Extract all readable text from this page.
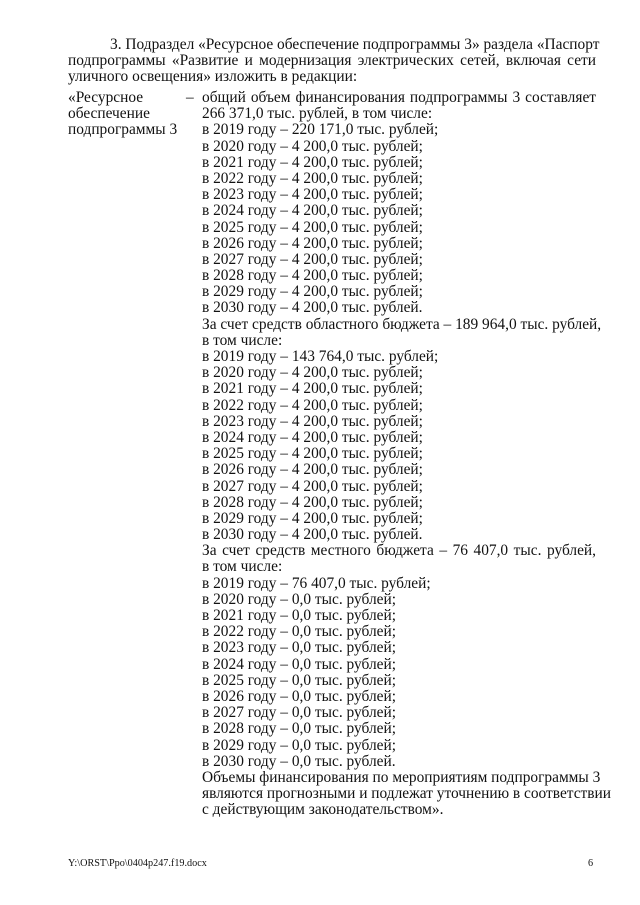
3. Подраздел «Ресурсное обеспечение подпрограммы 3» раздела «Паспорт
подпрограммы «Развитие и модернизация электрических сетей, включая сети
уличного освещения» изложить в редакции:
«Ресурсное
обеспечение
подпрограммы 3
– общий объем финансирования подпрограммы 3 составляет
266 371,0 тыс. рублей, в том числе:
в 2019 году – 220 171,0 тыс. рублей;
в 2020 году – 4 200,0 тыс. рублей;
в 2021 году – 4 200,0 тыс. рублей;
в 2022 году – 4 200,0 тыс. рублей;
в 2023 году – 4 200,0 тыс. рублей;
в 2024 году – 4 200,0 тыс. рублей;
в 2025 году – 4 200,0 тыс. рублей;
в 2026 году – 4 200,0 тыс. рублей;
в 2027 году – 4 200,0 тыс. рублей;
в 2028 году – 4 200,0 тыс. рублей;
в 2029 году – 4 200,0 тыс. рублей;
в 2030 году – 4 200,0 тыс. рублей.
За счет средств областного бюджета – 189 964,0 тыс. рублей,
в том числе:
в 2019 году – 143 764,0 тыс. рублей;
в 2020 году – 4 200,0 тыс. рублей;
в 2021 году – 4 200,0 тыс. рублей;
в 2022 году – 4 200,0 тыс. рублей;
в 2023 году – 4 200,0 тыс. рублей;
в 2024 году – 4 200,0 тыс. рублей;
в 2025 году – 4 200,0 тыс. рублей;
в 2026 году – 4 200,0 тыс. рублей;
в 2027 году – 4 200,0 тыс. рублей;
в 2028 году – 4 200,0 тыс. рублей;
в 2029 году – 4 200,0 тыс. рублей;
в 2030 году – 4 200,0 тыс. рублей.
За счет средств местного бюджета – 76 407,0 тыс. рублей,
в том числе:
в 2019 году – 76 407,0 тыс. рублей;
в 2020 году – 0,0 тыс. рублей;
в 2021 году – 0,0 тыс. рублей;
в 2022 году – 0,0 тыс. рублей;
в 2023 году – 0,0 тыс. рублей;
в 2024 году – 0,0 тыс. рублей;
в 2025 году – 0,0 тыс. рублей;
в 2026 году – 0,0 тыс. рублей;
в 2027 году – 0,0 тыс. рублей;
в 2028 году – 0,0 тыс. рублей;
в 2029 году – 0,0 тыс. рублей;
в 2030 году – 0,0 тыс. рублей.
Объемы финансирования по мероприятиям подпрограммы 3
являются прогнозными и подлежат уточнению в соответствии
с действующим законодательством».
Y:\ORST\Ppo\0404p247.f19.docx	6
